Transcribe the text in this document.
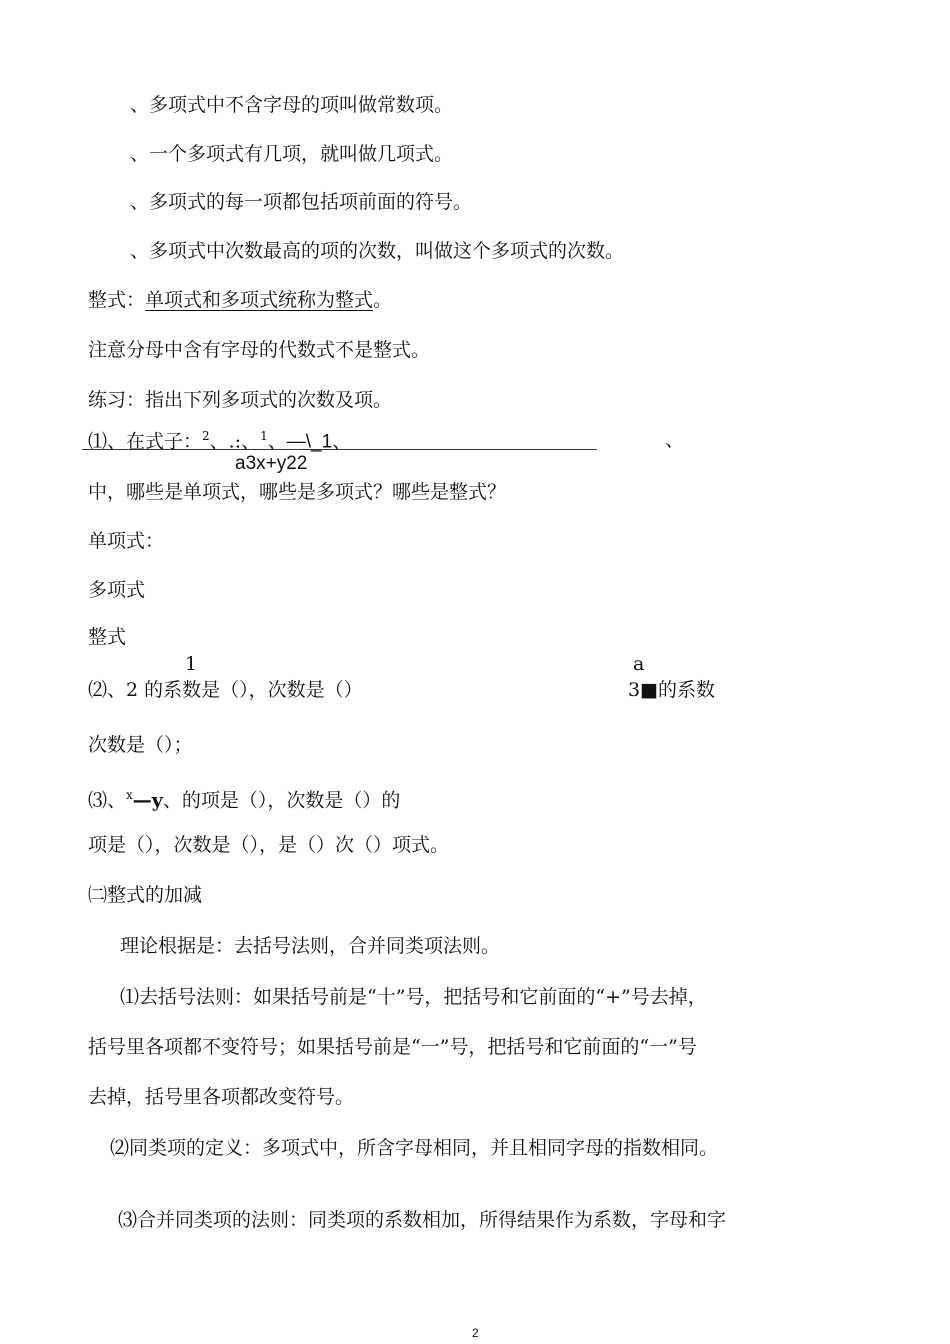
、多项式中不含字母的项叫做常数项。
、一个多项式有几项，就叫做几项式。
、多项式的每一项都包括项前面的符号。
、多项式中次数最高的项的次数，叫做这个多项式的次数。
整式：单项式和多项式统称为整式。
注意分母中含有字母的代数式不是整式。
练习：指出下列多项式的次数及项。
⑴、在式子：$^2$、.:、$^1$、—\_1、	、
a3x+y22
中，哪些是单项式，哪些是多项式？哪些是整式？
单项式：
多项式
整式
1	a
⑵、2 的系数是（），次数是（）	3■的系数
次数是（）；
⑶、$^x$—y、的项是（），次数是（）的
项是（），次数是（），是（）次（）项式。
㈡整式的加减
理论根据是：去括号法则，合并同类项法则。
⑴去括号法则：如果括号前是“十”号，把括号和它前面的“+”号去掉，
括号里各项都不变符号；如果括号前是“一”号，把括号和它前面的“一”号
去掉，括号里各项都改变符号。
⑵同类项的定义：多项式中，所含字母相同，并且相同字母的指数相同。
⑶合并同类项的法则：同类项的系数相加，所得结果作为系数，字母和字
2
